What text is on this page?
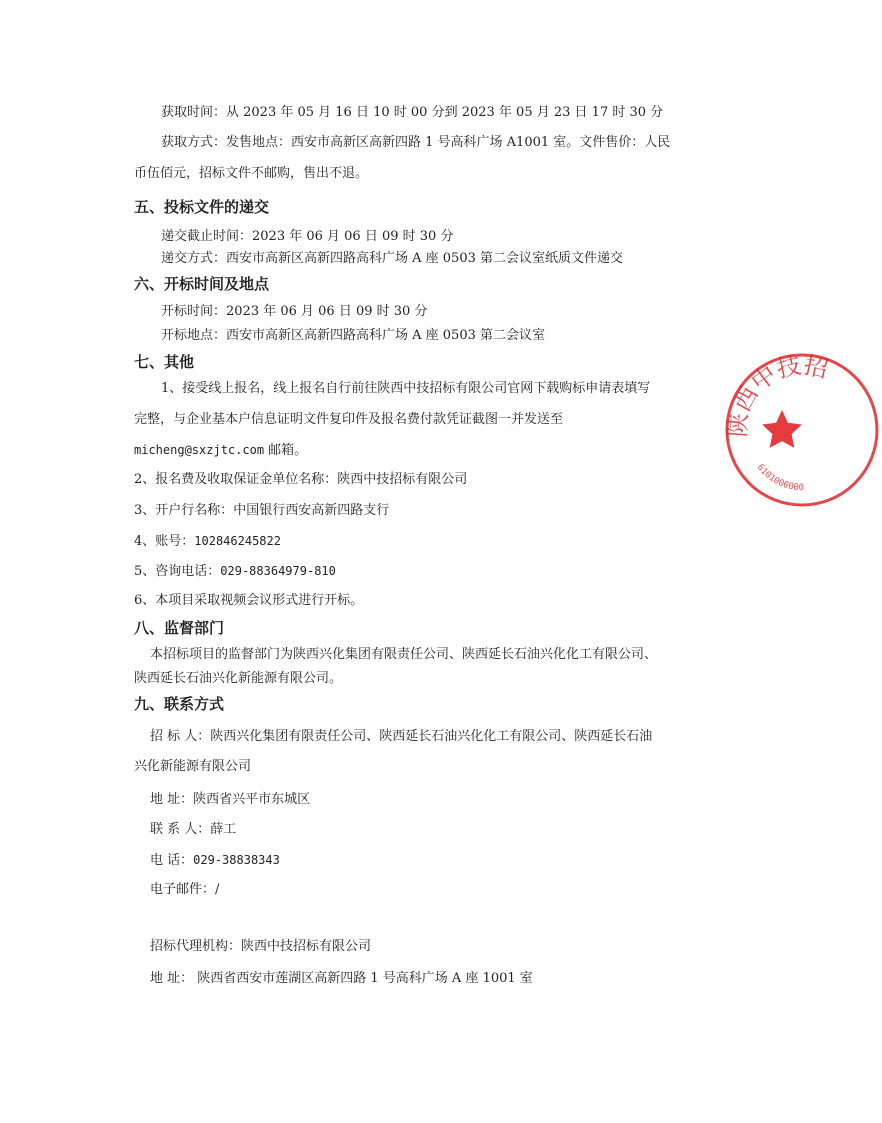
获取时间：从 2023 年 05 月 16 日 10 时 00 分到 2023 年 05 月 23 日 17 时 30 分
获取方式：发售地点：西安市高新区高新四路 1 号高科广场 A1001 室。文件售价：人民
币伍佰元，招标文件不邮购，售出不退。
五、投标文件的递交
递交截止时间：2023 年 06 月 06 日 09 时 30 分
递交方式：西安市高新区高新四路高科广场 A 座 0503 第二会议室纸质文件递交
六、开标时间及地点
开标时间：2023 年 06 月 06 日 09 时 30 分
开标地点：西安市高新区高新四路高科广场 A 座 0503 第二会议室
七、其他
1、接受线上报名，线上报名自行前往陕西中技招标有限公司官网下载购标申请表填写
完整，与企业基本户信息证明文件复印件及报名费付款凭证截图一并发送至
micheng@sxzjtc.com 邮箱。
2、报名费及收取保证金单位名称：陕西中技招标有限公司
3、开户行名称：中国银行西安高新四路支行
4、账号：102846245822
5、咨询电话：029-88364979-810
6、本项目采取视频会议形式进行开标。
八、监督部门
本招标项目的监督部门为陕西兴化集团有限责任公司、陕西延长石油兴化化工有限公司、
陕西延长石油兴化新能源有限公司。
九、联系方式
招 标 人：陕西兴化集团有限责任公司、陕西延长石油兴化化工有限公司、陕西延长石油
兴化新能源有限公司
地 址：陕西省兴平市东城区
联 系 人：薛工
电 话：029-38838343
电子邮件：/
招标代理机构：陕西中技招标有限公司
地 址： 陕西省西安市莲湖区高新四路 1 号高科广场 A 座 1001 室
陕西中技招
6101000000
